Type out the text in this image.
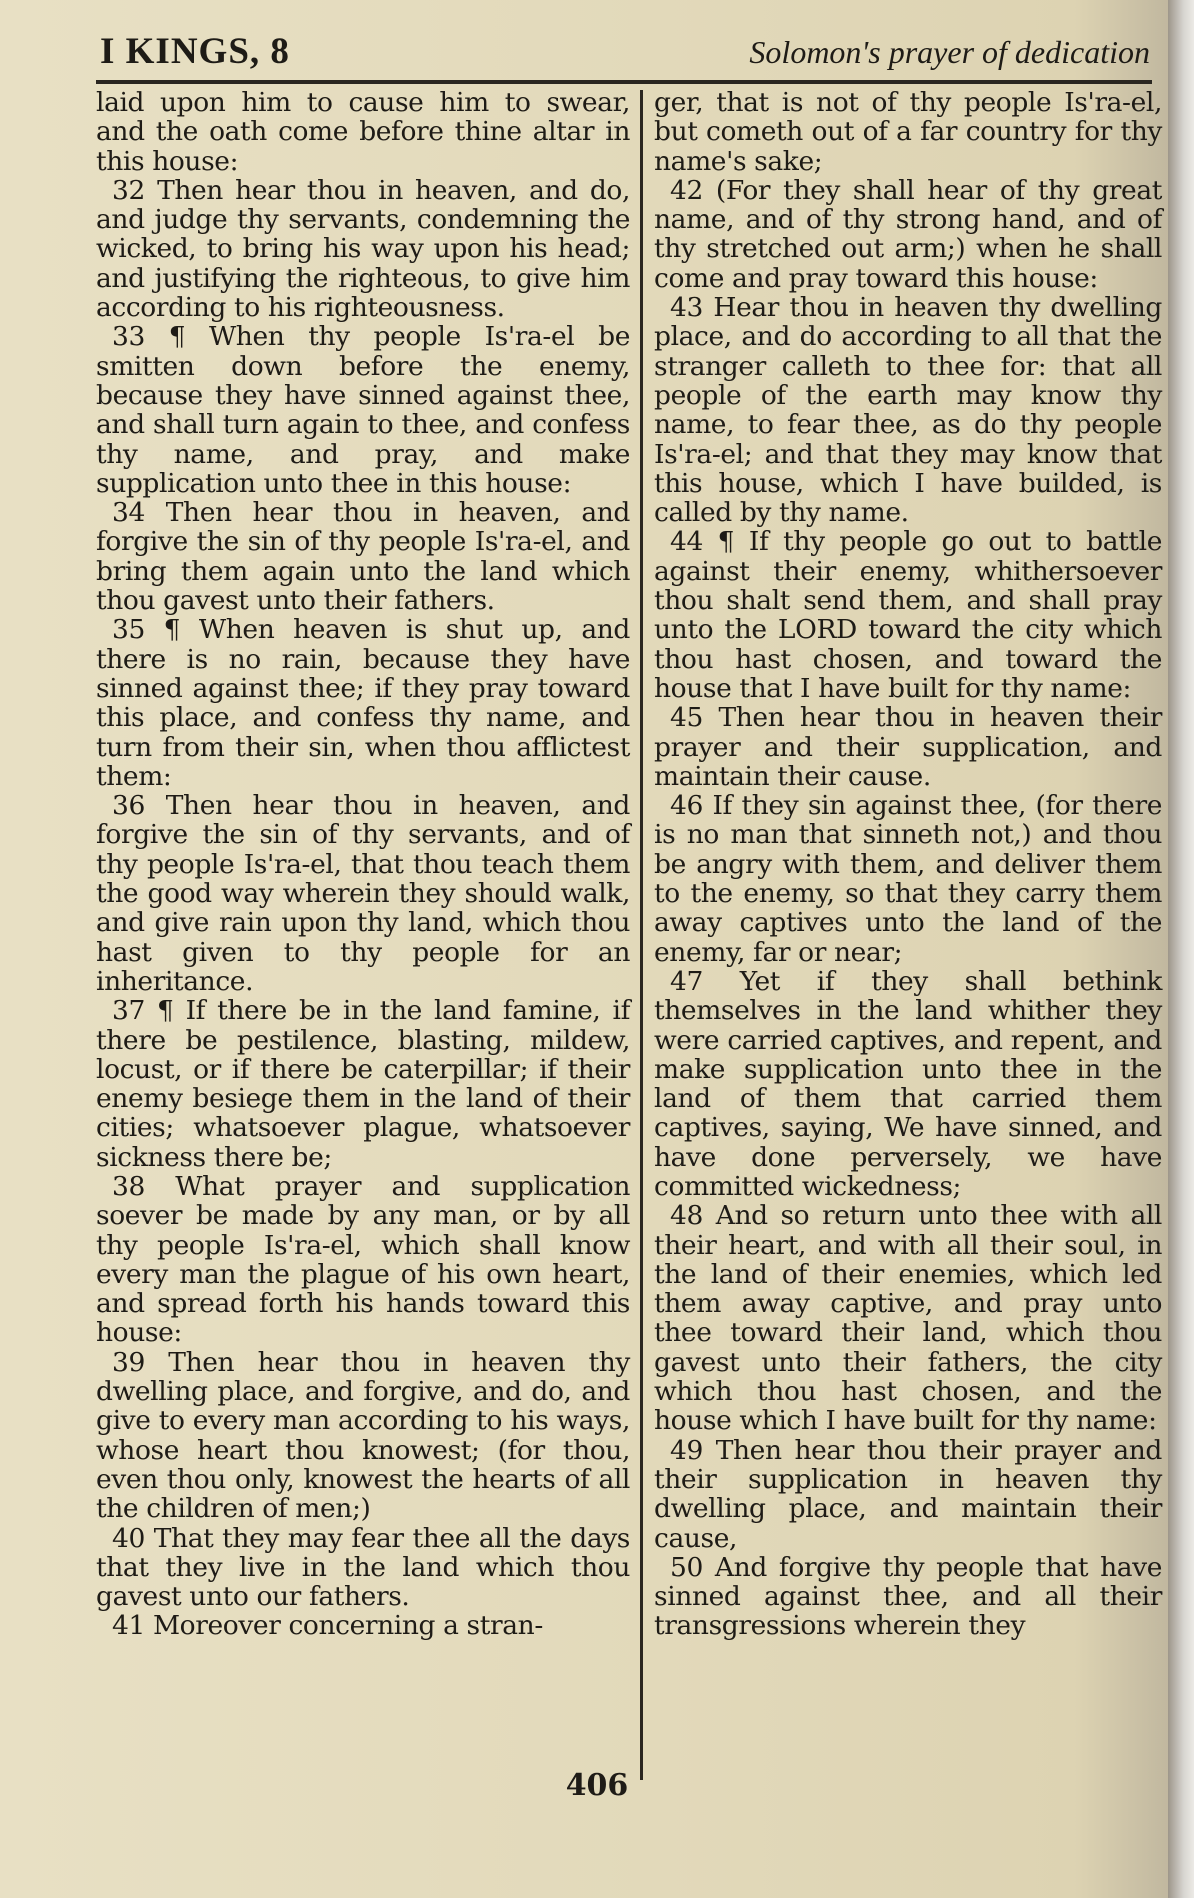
I KINGS, 8	Solomon's prayer of dedication

laid upon him to cause him to swear, and the oath come before thine altar in this house:

32 Then hear thou in heaven, and do, and judge thy servants, condemning the wicked, to bring his way upon his head; and justifying the righteous, to give him according to his righteousness.

33 ¶ When thy people Is'ra-el be smitten down before the enemy, because they have sinned against thee, and shall turn again to thee, and confess thy name, and pray, and make supplication unto thee in this house:

34 Then hear thou in heaven, and forgive the sin of thy people Is'ra-el, and bring them again unto the land which thou gavest unto their fathers.

35 ¶ When heaven is shut up, and there is no rain, because they have sinned against thee; if they pray toward this place, and confess thy name, and turn from their sin, when thou afflictest them:

36 Then hear thou in heaven, and forgive the sin of thy servants, and of thy people Is'ra-el, that thou teach them the good way wherein they should walk, and give rain upon thy land, which thou hast given to thy people for an inheritance.

37 ¶ If there be in the land famine, if there be pestilence, blasting, mildew, locust, or if there be caterpillar; if their enemy besiege them in the land of their cities; whatsoever plague, whatsoever sickness there be;

38 What prayer and supplication soever be made by any man, or by all thy people Is'ra-el, which shall know every man the plague of his own heart, and spread forth his hands toward this house:

39 Then hear thou in heaven thy dwelling place, and forgive, and do, and give to every man according to his ways, whose heart thou knowest; (for thou, even thou only, knowest the hearts of all the children of men;)

40 That they may fear thee all the days that they live in the land which thou gavest unto our fathers.

41 Moreover concerning a stran-

ger, that is not of thy people Is'ra-el, but cometh out of a far country for thy name's sake;

42 (For they shall hear of thy great name, and of thy strong hand, and of thy stretched out arm;) when he shall come and pray toward this house:

43 Hear thou in heaven thy dwelling place, and do according to all that the stranger calleth to thee for: that all people of the earth may know thy name, to fear thee, as do thy people Is'ra-el; and that they may know that this house, which I have builded, is called by thy name.

44 ¶ If thy people go out to battle against their enemy, whithersoever thou shalt send them, and shall pray unto the LORD toward the city which thou hast chosen, and toward the house that I have built for thy name:

45 Then hear thou in heaven their prayer and their supplication, and maintain their cause.

46 If they sin against thee, (for there is no man that sinneth not,) and thou be angry with them, and deliver them to the enemy, so that they carry them away captives unto the land of the enemy, far or near;

47 Yet if they shall bethink themselves in the land whither they were carried captives, and repent, and make supplication unto thee in the land of them that carried them captives, saying, We have sinned, and have done perversely, we have committed wickedness;

48 And so return unto thee with all their heart, and with all their soul, in the land of their enemies, which led them away captive, and pray unto thee toward their land, which thou gavest unto their fathers, the city which thou hast chosen, and the house which I have built for thy name:

49 Then hear thou their prayer and their supplication in heaven thy dwelling place, and maintain their cause,

50 And forgive thy people that have sinned against thee, and all their transgressions wherein they

406
